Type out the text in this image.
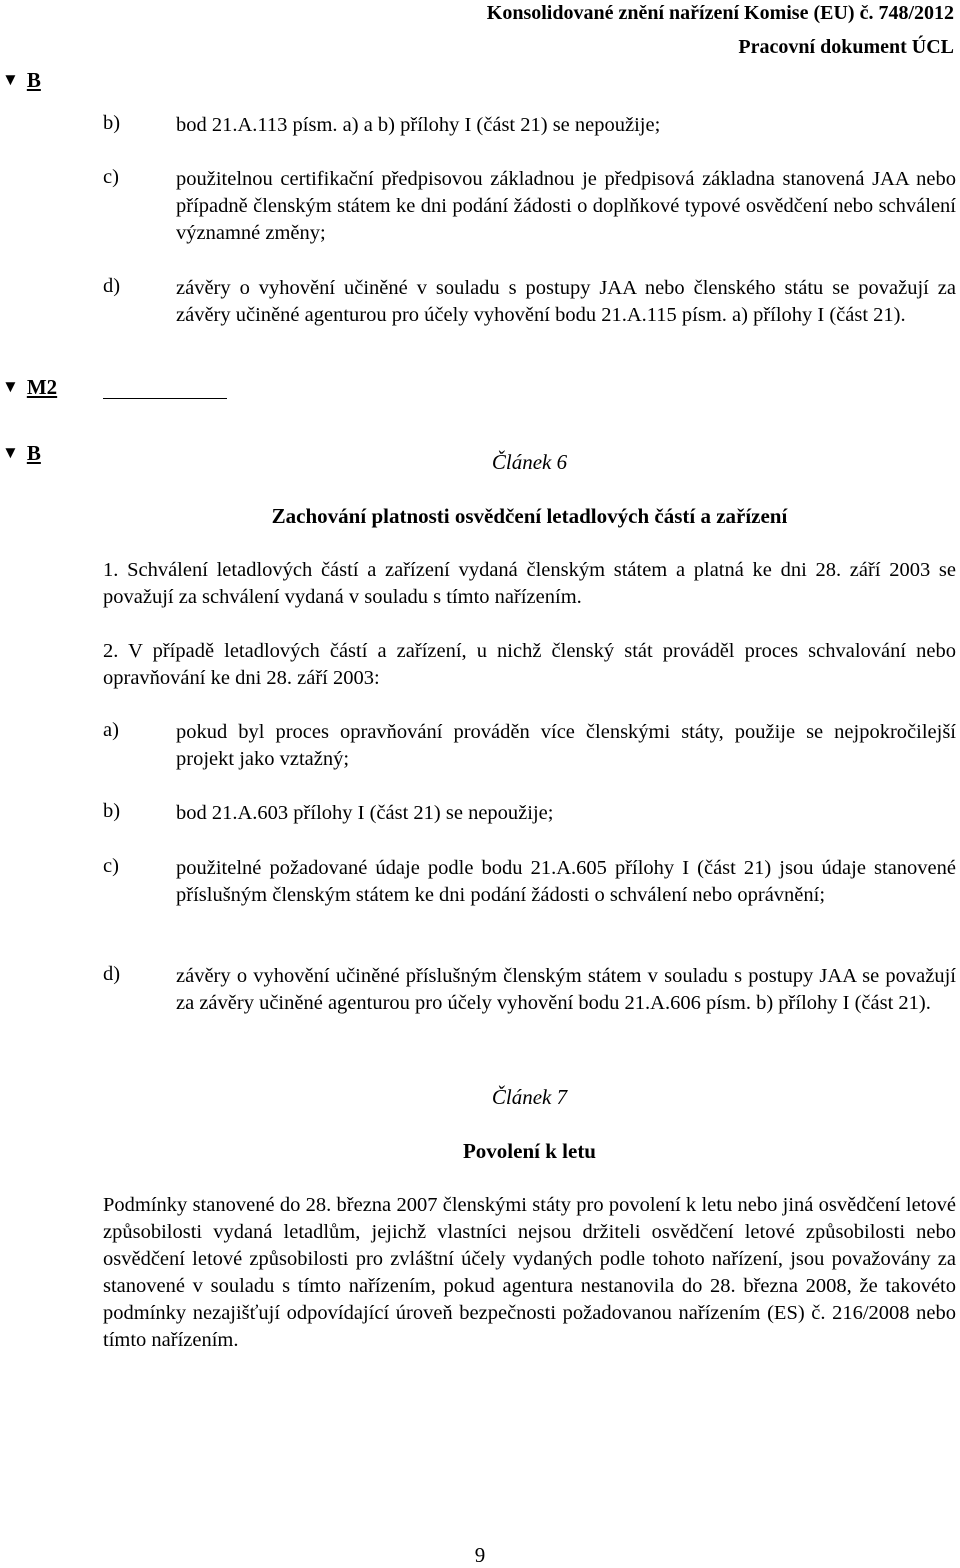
Konsolidované znění nařízení Komise (EU) č. 748/2012
Pracovní dokument ÚCL
▼ B
b)	bod 21.A.113 písm. a) a b) přílohy I (část 21) se nepoužije;
c)	použitelnou certifikační předpisovou základnou je předpisová základna stanovená JAA nebo případně členským státem ke dni podání žádosti o doplňkové typové osvědčení nebo schválení významné změny;
d)	závěry o vyhovění učiněné v souladu s postupy JAA nebo členského státu se považují za závěry učiněné agenturou pro účely vyhovění bodu 21.A.115 písm. a) přílohy I (část 21).
▼ M2
▼ B	Článek 6
Zachování platnosti osvědčení letadlových částí a zařízení
1. Schválení letadlových částí a zařízení vydaná členským státem a platná ke dni 28. září 2003 se považují za schválení vydaná v souladu s tímto nařízením.
2. V případě letadlových částí a zařízení, u nichž členský stát prováděl proces schvalování nebo opravňování ke dni 28. září 2003:
a)	pokud byl proces opravňování prováděn více členskými státy, použije se nejpokročilejší projekt jako vztažný;
b)	bod 21.A.603 přílohy I (část 21) se nepoužije;
c)	použitelné požadované údaje podle bodu 21.A.605 přílohy I (část 21) jsou údaje stanovené příslušným členským státem ke dni podání žádosti o schválení nebo oprávnění;
d)	závěry o vyhovění učiněné příslušným členským státem v souladu s postupy JAA se považují za závěry učiněné agenturou pro účely vyhovění bodu 21.A.606 písm. b) přílohy I (část 21).
Článek 7
Povolení k letu
Podmínky stanovené do 28. března 2007 členskými státy pro povolení k letu nebo jiná osvědčení letové způsobilosti vydaná letadlům, jejichž vlastníci nejsou držiteli osvědčení letové způsobilosti nebo osvědčení letové způsobilosti pro zvláštní účely vydaných podle tohoto nařízení, jsou považovány za stanovené v souladu s tímto nařízením, pokud agentura nestanovila do 28. března 2008, že takovéto podmínky nezajišťují odpovídající úroveň bezpečnosti požadovanou nařízením (ES) č. 216/2008 nebo tímto nařízením.
9
